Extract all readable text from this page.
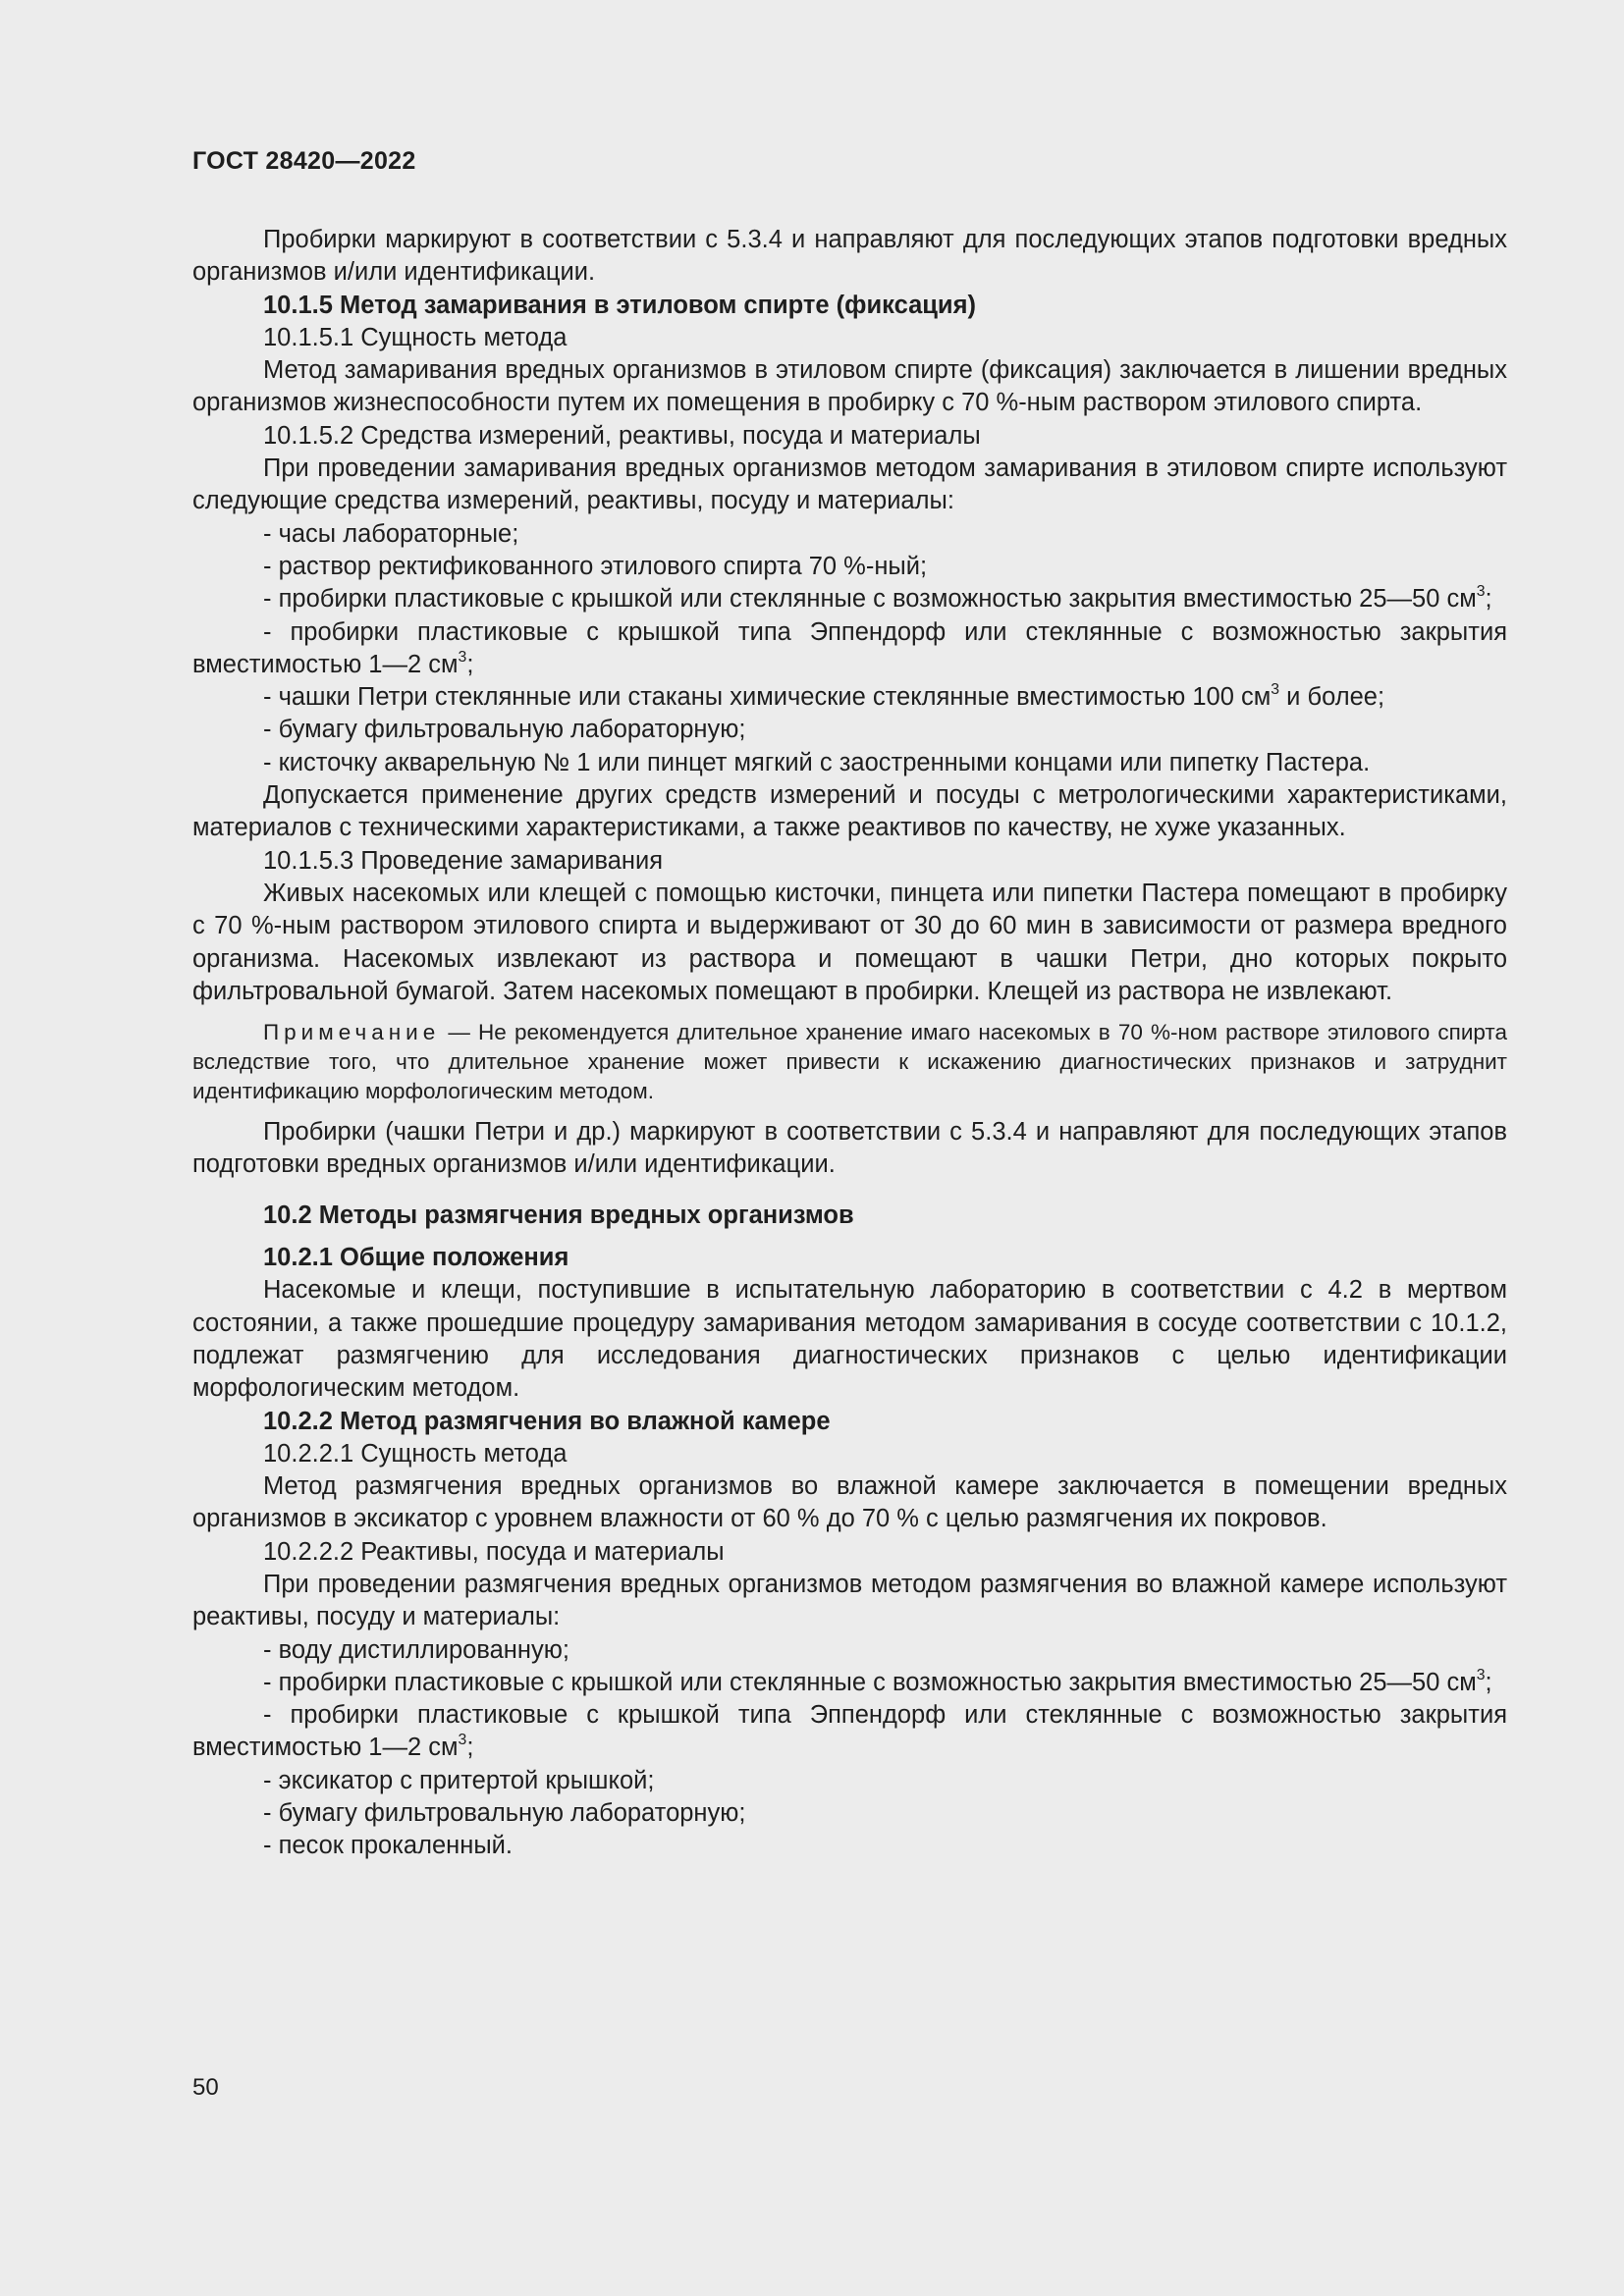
ГОСТ 28420—2022

Пробирки маркируют в соответствии с 5.3.4 и направляют для последующих этапов подготовки вредных организмов и/или идентификации.

10.1.5 Метод замаривания в этиловом спирте (фиксация)

10.1.5.1 Сущность метода

Метод замаривания вредных организмов в этиловом спирте (фиксация) заключается в лишении вредных организмов жизнеспособности путем их помещения в пробирку с 70 %-ным раствором этилового спирта.

10.1.5.2 Средства измерений, реактивы, посуда и материалы

При проведении замаривания вредных организмов методом замаривания в этиловом спирте используют следующие средства измерений, реактивы, посуду и материалы:

- часы лабораторные;

- раствор ректификованного этилового спирта 70 %-ный;

- пробирки пластиковые с крышкой или стеклянные с возможностью закрытия вместимостью 25—50 $см^3$;

- пробирки пластиковые с крышкой типа Эппендорф или стеклянные с возможностью закрытия вместимостью 1—2 $см^3$;

- чашки Петри стеклянные или стаканы химические стеклянные вместимостью 100 $см^3$ и более;

- бумагу фильтровальную лабораторную;

- кисточку акварельную № 1 или пинцет мягкий с заостренными концами или пипетку Пастера.

Допускается применение других средств измерений и посуды с метрологическими характеристиками, материалов с техническими характеристиками, а также реактивов по качеству, не хуже указанных.

10.1.5.3 Проведение замаривания

Живых насекомых или клещей с помощью кисточки, пинцета или пипетки Пастера помещают в пробирку с 70 %-ным раствором этилового спирта и выдерживают от 30 до 60 мин в зависимости от размера вредного организма. Насекомых извлекают из раствора и помещают в чашки Петри, дно которых покрыто фильтровальной бумагой. Затем насекомых помещают в пробирки. Клещей из раствора не извлекают.

Примечание — Не рекомендуется длительное хранение имаго насекомых в 70 %-ном растворе этилового спирта вследствие того, что длительное хранение может привести к искажению диагностических признаков и затруднит идентификацию морфологическим методом.

Пробирки (чашки Петри и др.) маркируют в соответствии с 5.3.4 и направляют для последующих этапов подготовки вредных организмов и/или идентификации.

10.2 Методы размягчения вредных организмов

10.2.1 Общие положения

Насекомые и клещи, поступившие в испытательную лабораторию в соответствии с 4.2 в мертвом состоянии, а также прошедшие процедуру замаривания методом замаривания в сосуде соответствии с 10.1.2, подлежат размягчению для исследования диагностических признаков с целью идентификации морфологическим методом.

10.2.2 Метод размягчения во влажной камере

10.2.2.1 Сущность метода

Метод размягчения вредных организмов во влажной камере заключается в помещении вредных организмов в эксикатор с уровнем влажности от 60 % до 70 % с целью размягчения их покровов.

10.2.2.2 Реактивы, посуда и материалы

При проведении размягчения вредных организмов методом размягчения во влажной камере используют реактивы, посуду и материалы:

- воду дистиллированную;

- пробирки пластиковые с крышкой или стеклянные с возможностью закрытия вместимостью 25—50 $см^3$;

- пробирки пластиковые с крышкой типа Эппендорф или стеклянные с возможностью закрытия вместимостью 1—2 $см^3$;

- эксикатор с притертой крышкой;

- бумагу фильтровальную лабораторную;

- песок прокаленный.

50
